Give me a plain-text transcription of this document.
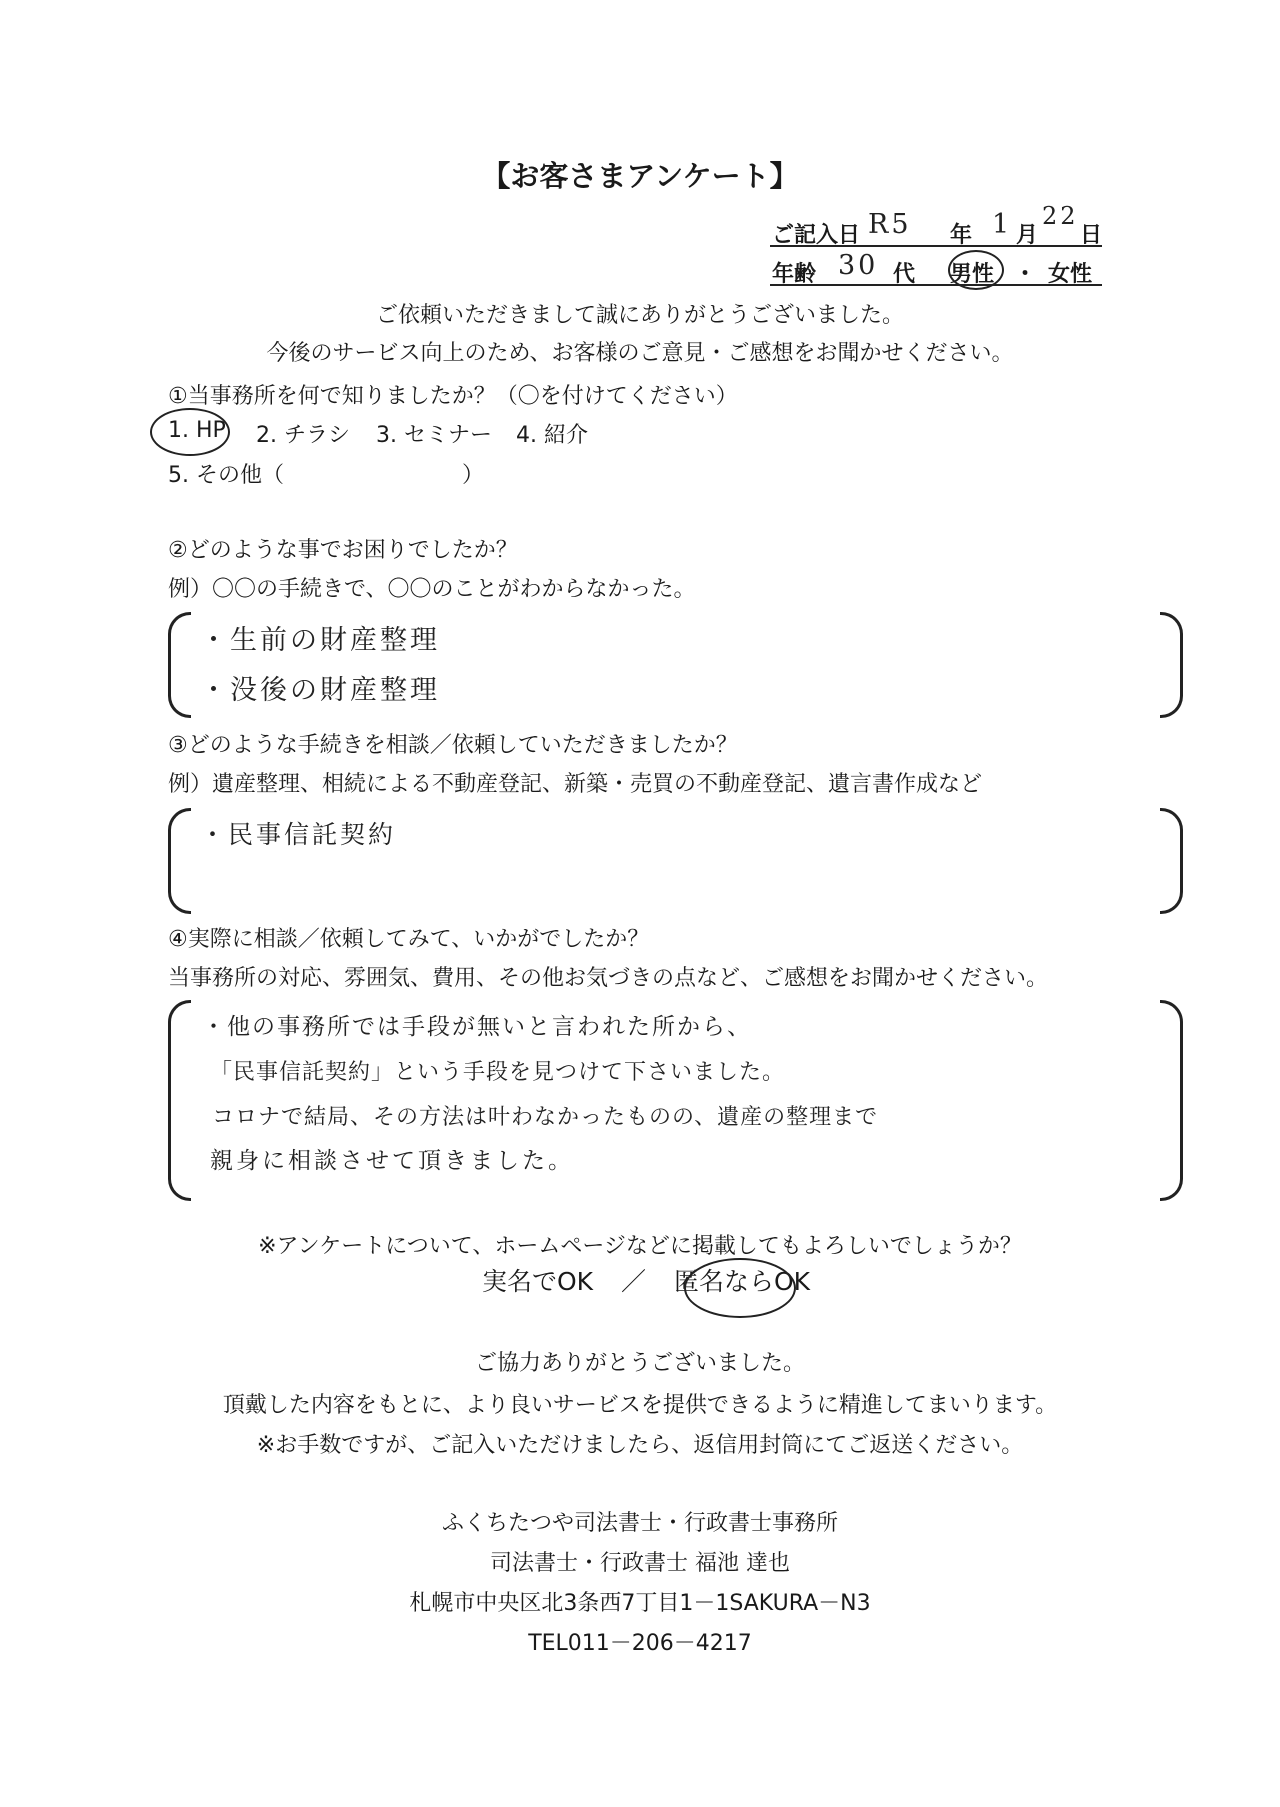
【お客さまアンケート】
ご記入日 R5 年 1 月
22
日
年齢 30 代 男性 ・ 女性
ご依頼いただきまして誠にありがとうございました。
今後のサービス向上のため、お客様のご意見・ご感想をお聞かせください。
①当事務所を何で知りましたか？（〇を付けてください）
1. HP 2. チラシ 3. セミナー 4. 紹介
5. その他（	）
②どのような事でお困りでしたか？
例）〇〇の手続きで、〇〇のことがわからなかった。
・生前の財産整理
・没後の財産整理
③どのような手続きを相談／依頼していただきましたか？
例）遺産整理、相続による不動産登記、新築・売買の不動産登記、遺言書作成など
・民事信託契約
④実際に相談／依頼してみて、いかがでしたか？
当事務所の対応、雰囲気、費用、その他お気づきの点など、ご感想をお聞かせください。
・他の事務所では手段が無いと言われた所から、
「民事信託契約」という手段を見つけて下さいました。
コロナで結局、その方法は叶わなかったものの、遺産の整理まで
親身に相談させて頂きました。
※アンケートについて、ホームページなどに掲載してもよろしいでしょうか？
実名でOK ／ 匿名ならOK
ご協力ありがとうございました。
頂戴した内容をもとに、より良いサービスを提供できるように精進してまいります。
※お手数ですが、ご記入いただけましたら、返信用封筒にてご返送ください。
ふくちたつや司法書士・行政書士事務所
司法書士・行政書士 福池 達也
札幌市中央区北3条西7丁目1－1SAKURA－N3
TEL011－206－4217
